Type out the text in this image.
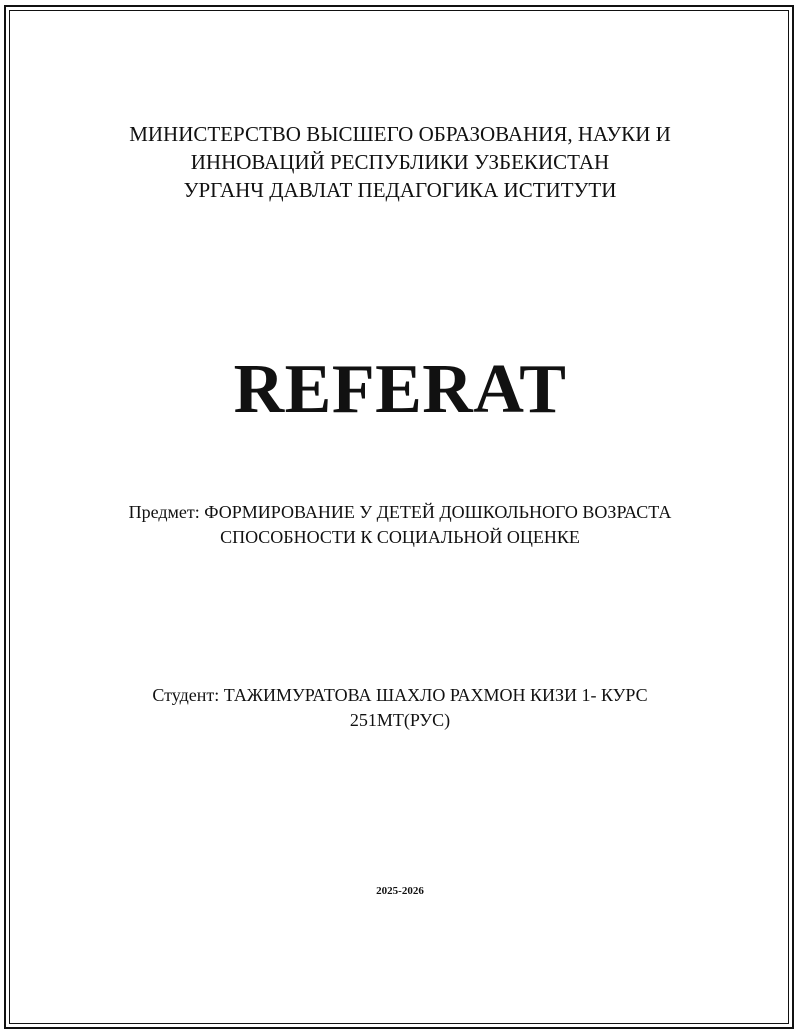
МИНИСТЕРСТВО ВЫСШЕГО ОБРАЗОВАНИЯ, НАУКИ И
ИННОВАЦИЙ РЕСПУБЛИКИ УЗБЕКИСТАН
УРГАНЧ ДАВЛАТ ПЕДАГОГИКА ИСТИТУТИ
REFERAT
Предмет: ФОРМИРОВАНИЕ У ДЕТЕЙ ДОШКОЛЬНОГО ВОЗРАСТА
СПОСОБНОСТИ К СОЦИАЛЬНОЙ ОЦЕНКЕ
Студент: ТАЖИМУРАТОВА ШАХЛО РАХМОН КИЗИ 1- КУРС
251МТ(РУС)
2025-2026
